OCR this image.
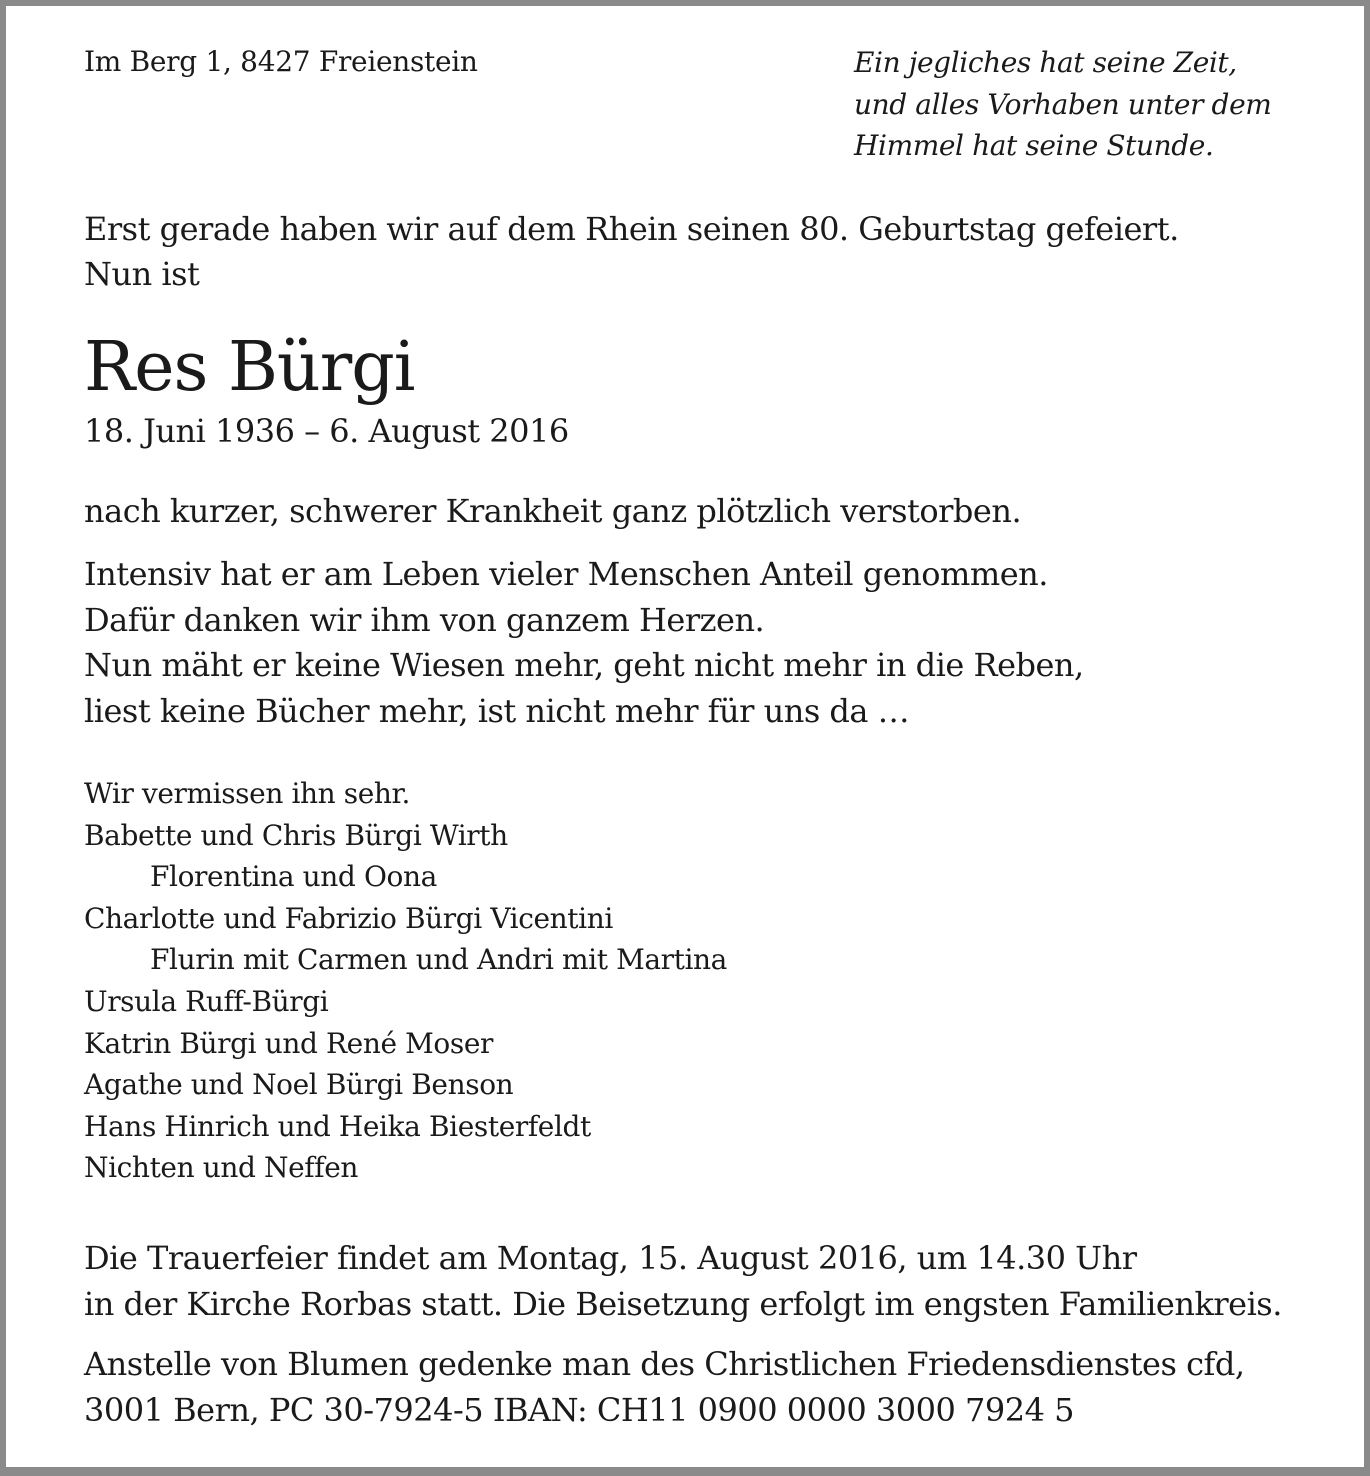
Im Berg 1, 8427 Freienstein	Ein jegliches hat seine Zeit,
und alles Vorhaben unter dem
Himmel hat seine Stunde.
Erst gerade haben wir auf dem Rhein seinen 80. Geburtstag gefeiert.
Nun ist
Res Bürgi
18. Juni 1936 – 6. August 2016
nach kurzer, schwerer Krankheit ganz plötzlich verstorben.
Intensiv hat er am Leben vieler Menschen Anteil genommen.
Dafür danken wir ihm von ganzem Herzen.
Nun mäht er keine Wiesen mehr, geht nicht mehr in die Reben,
liest keine Bücher mehr, ist nicht mehr für uns da …
Wir vermissen ihn sehr.
Babette und Chris Bürgi Wirth
Florentina und Oona
Charlotte und Fabrizio Bürgi Vicentini
Flurin mit Carmen und Andri mit Martina
Ursula Ruff-Bürgi
Katrin Bürgi und René Moser
Agathe und Noel Bürgi Benson
Hans Hinrich und Heika Biesterfeldt
Nichten und Neffen
Die Trauerfeier findet am Montag, 15. August 2016, um 14.30 Uhr
in der Kirche Rorbas statt. Die Beisetzung erfolgt im engsten Familienkreis.
Anstelle von Blumen gedenke man des Christlichen Friedensdienstes cfd,
3001 Bern, PC 30-7924-5 IBAN: CH11 0900 0000 3000 7924 5
